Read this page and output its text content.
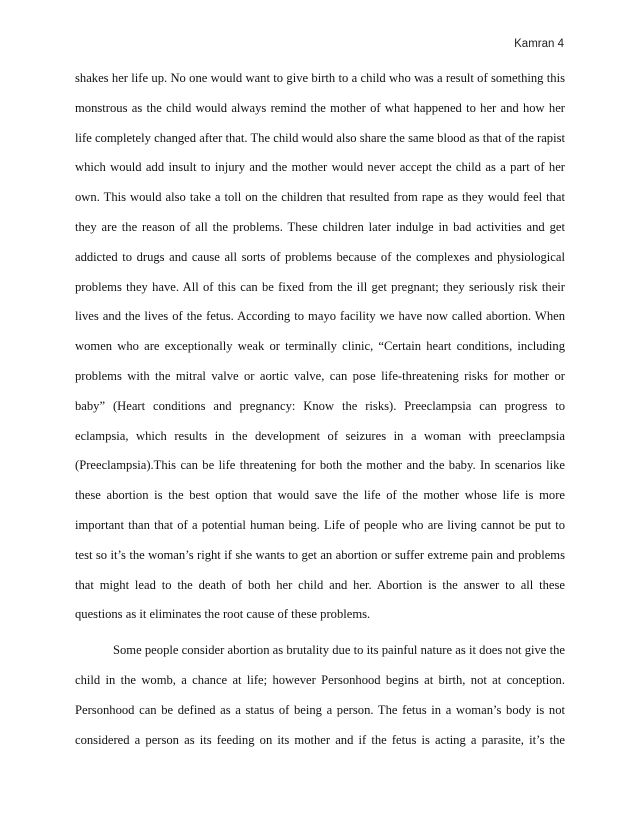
Kamran 4
shakes her life up. No one would want to give birth to a child who was a result of something this
monstrous as the child would always remind the mother of what happened to her and how her
life completely changed after that. The child would also share the same blood as that of the rapist
which would add insult to injury and the mother would never accept the child as a part of her
own. This would also take a toll on the children that resulted from rape as they would feel that
they are the reason of all the problems. These children later indulge in bad activities and get
addicted to drugs and cause all sorts of problems because of the complexes and physiological
problems they have. All of this can be fixed from the ill get pregnant; they seriously risk their
lives and the lives of the fetus. According to mayo facility we have now called abortion. When
women who are exceptionally weak or terminally clinic, “Certain heart conditions, including
problems with the mitral valve or aortic valve, can pose life-threatening risks for mother or
baby” (Heart conditions and pregnancy: Know the risks). Preeclampsia can progress to
eclampsia, which results in the development of seizures in a woman with preeclampsia
(Preeclampsia).This can be life threatening for both the mother and the baby. In scenarios like
these abortion is the best option that would save the life of the mother whose life is more
important than that of a potential human being. Life of people who are living cannot be put to
test so it’s the woman’s right if she wants to get an abortion or suffer extreme pain and problems
that might lead to the death of both her child and her. Abortion is the answer to all these
questions as it eliminates the root cause of these problems.
Some people consider abortion as brutality due to its painful nature as it does not give the
child in the womb, a chance at life; however Personhood begins at birth, not at conception.
Personhood can be defined as a status of being a person. The fetus in a woman’s body is not
considered a person as its feeding on its mother and if the fetus is acting a parasite, it’s the
